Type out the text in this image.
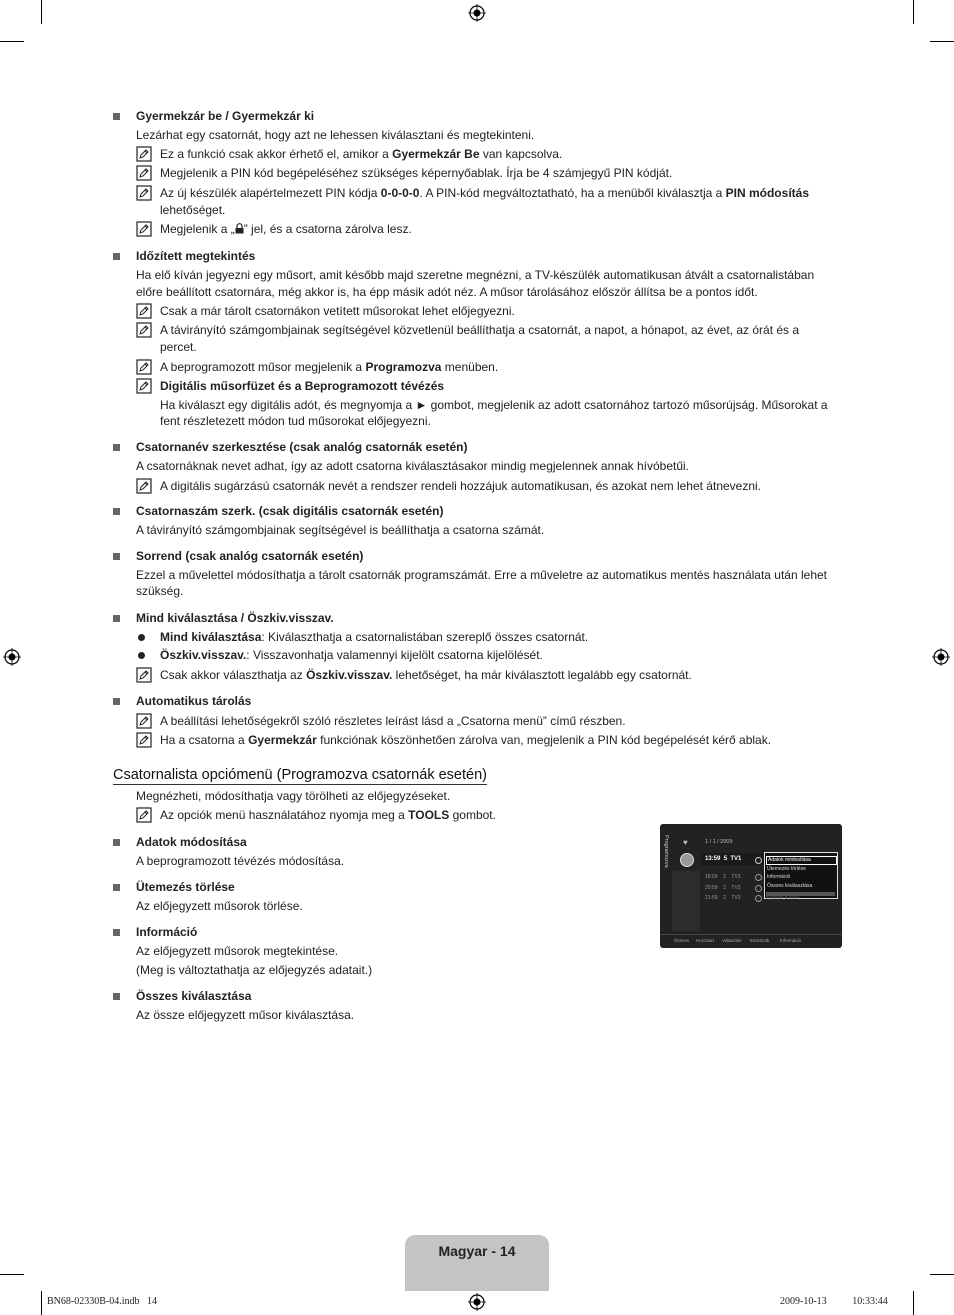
Gyermekzár be / Gyermekzár ki
Lezárhat egy csatornát, hogy azt ne lehessen kiválasztani és megtekinteni.
Ez a funkció csak akkor érhető el, amikor a Gyermekzár Be van kapcsolva.
Megjelenik a PIN kód begépeléséhez szükséges képernyőablak. Írja be 4 számjegyű PIN kódját.
Az új készülék alapértelmezett PIN kódja 0-0-0-0. A PIN-kód megváltoztatható, ha a menüből kiválasztja a PIN módosítás
lehetőséget.
Megjelenik a „ ” jel, és a csatorna zárolva lesz.
Időzített megtekintés
Ha elő kíván jegyezni egy műsort, amit később majd szeretne megnézni, a TV-készülék automatikusan átvált a csatornalistában
előre beállított csatornára, még akkor is, ha épp másik adót néz. A műsor tárolásához először állítsa be a pontos időt.
Csak a már tárolt csatornákon vetített műsorokat lehet előjegyezni.
A távirányító számgombjainak segítségével közvetlenül beállíthatja a csatornát, a napot, a hónapot, az évet, az órát és a
percet.
A beprogramozott műsor megjelenik a Programozva menüben.
Digitális műsorfüzet és a Beprogramozott tévézés
Ha kiválaszt egy digitális adót, és megnyomja a ► gombot, megjelenik az adott csatornához tartozó műsorújság. Műsorokat a
fent részletezett módon tud műsorokat előjegyezni.
Csatornanév szerkesztése (csak analóg csatornák esetén)
A csatornáknak nevet adhat, így az adott csatorna kiválasztásakor mindig megjelennek annak hívóbetűi.
A digitális sugárzású csatornák nevét a rendszer rendeli hozzájuk automatikusan, és azokat nem lehet átnevezni.
Csatornaszám szerk. (csak digitális csatornák esetén)
A távirányító számgombjainak segítségével is beállíthatja a csatorna számát.
Sorrend (csak analóg csatornák esetén)
Ezzel a művelettel módosíthatja a tárolt csatornák programszámát. Erre a műveletre az automatikus mentés használata után lehet
szükség.
Mind kiválasztása / Öszkiv.visszav.
Mind kiválasztása: Kiválaszthatja a csatornalistában szereplő összes csatornát.
Öszkiv.visszav.: Visszavonhatja valamennyi kijelölt csatorna kijelölését.
Csak akkor választhatja az Öszkiv.visszav. lehetőséget, ha már kiválasztott legalább egy csatornát.
Automatikus tárolás
A beállítási lehetőségekről szóló részletes leírást lásd a „Csatorna menü” című részben.
Ha a csatorna a Gyermekzár funkciónak köszönhetően zárolva van, megjelenik a PIN kód begépelését kérő ablak.
Csatornalista opciómenü (Programozva csatornák esetén)
Megnézheti, módosíthatja vagy törölheti az előjegyzéseket.
Az opciók menü használatához nyomja meg a TOOLS gombot.
Adatok módosítása
A beprogramozott tévézés módosítása.
Ütemezés törlése
Az előjegyzett műsorok törlése.
Információ
Az előjegyzett műsorok megtekintése.
(Meg is változtathatja az előjegyzés adatait.)
Összes kiválasztása
Az össze előjegyzett műsor kiválasztása.
Programozva ♥	1 / 1 / 2009
13:59 5 TV1
18:59 2 TV3
20:59 2 TV3
21:59 2 TV3
Adatok módosítása
Ütemezés törlése
Információ
Összes kiválasztása
Symbole & more
Összes Hozzáad Választás Eszközök Információ
Magyar - 14
BN68-02330B-04.indb   14	2009-10-13   ￿￿ 10:33:44
